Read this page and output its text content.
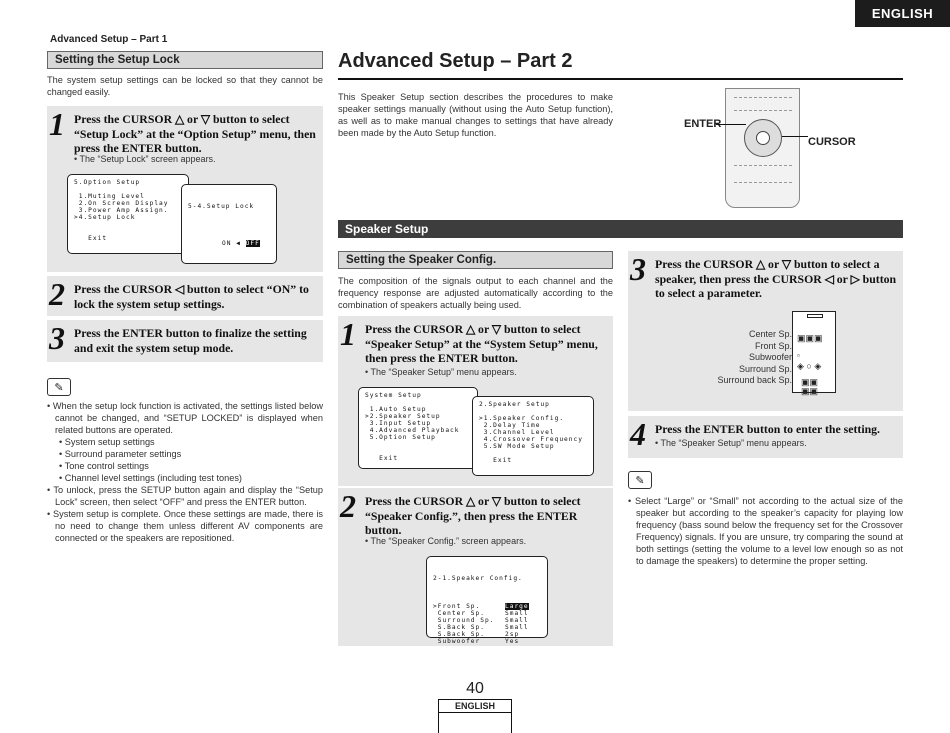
ENGLISH
Advanced Setup – Part 1
Setting the Setup Lock
The system setup settings can be locked so that they cannot be changed easily.
1 Press the CURSOR △ or ▽ button to select “Setup Lock” at the “Option Setup” menu, then press the ENTER button.
• The “Setup Lock” screen appears.
5.Option Setup

1.Muting Level
2.On Screen Display
3.Power Amp Assign.
>4.Setup Lock

Exit

5-4.Setup Lock

ON ◀ OFF

2 Press the CURSOR ◁ button to select “ON” to lock the system setup settings.
3 Press the ENTER button to finalize the setting and exit the system setup mode.
✎
• When the setup lock function is activated, the settings listed below cannot be changed, and “SETUP LOCKED” is displayed when related buttons are operated.
• System setup settings
• Surround parameter settings
• Tone control settings
• Channel level settings (including test tones)
• To unlock, press the SETUP button again and display the “Setup Lock” screen, then select “OFF” and press the ENTER button.
• System setup is complete. Once these settings are made, there is no need to change them unless different AV components are connected or the speakers are repositioned.
Advanced Setup – Part 2
This Speaker Setup section describes the procedures to make speaker settings manually (without using the Auto Setup function), as well as to make manual changes to settings that have already been made by the Auto Setup function.
ENTER
CURSOR
Speaker Setup
Setting the Speaker Config.
The composition of the signals output to each channel and the frequency response are adjusted automatically according to the combination of speakers actually being used.
1 Press the CURSOR △ or ▽ button to select “Speaker Setup” at the “System Setup” menu, then press the ENTER button.
• The “Speaker Setup” menu appears.
System Setup

1.Auto Setup
>2.Speaker Setup
3.Input Setup
4.Advanced Playback
5.Option Setup

Exit
2.Speaker Setup

>1.Speaker Config.
2.Delay Time
3.Channel Level
4.Crossover Frequency
5.SW Mode Setup

Exit
2 Press the CURSOR △ or ▽ button to select “Speaker Config.”, then press the ENTER button.
• The “Speaker Config.” screen appears.

2-1.Speaker Config.

>Front Sp.
Center Sp.
Surround Sp.
S.Back Sp.
S.Back Sp.
Subwoofer
Large
Small
Small
Small
2sp
Yes

3 Press the CURSOR △ or ▽ button to select a speaker, then press the CURSOR ◁ or ▷ button to select a parameter.
▣▣▣
▫
◈ ○ ◈
▣▣ ▣▣
Center Sp.
Front Sp.
Subwoofer
Surround Sp.
Surround back Sp.
4 Press the ENTER button to enter the setting.
• The “Speaker Setup” menu appears.
✎
• Select “Large” or “Small” not according to the actual size of the speaker but according to the speaker’s capacity for playing low frequency (bass sound below the frequency set for the Crossover Frequency) signals. If you are unsure, try comparing the sound at both settings (setting the volume to a level low enough so as not to damage the speakers) to determine the proper setting.
40
ENGLISH
